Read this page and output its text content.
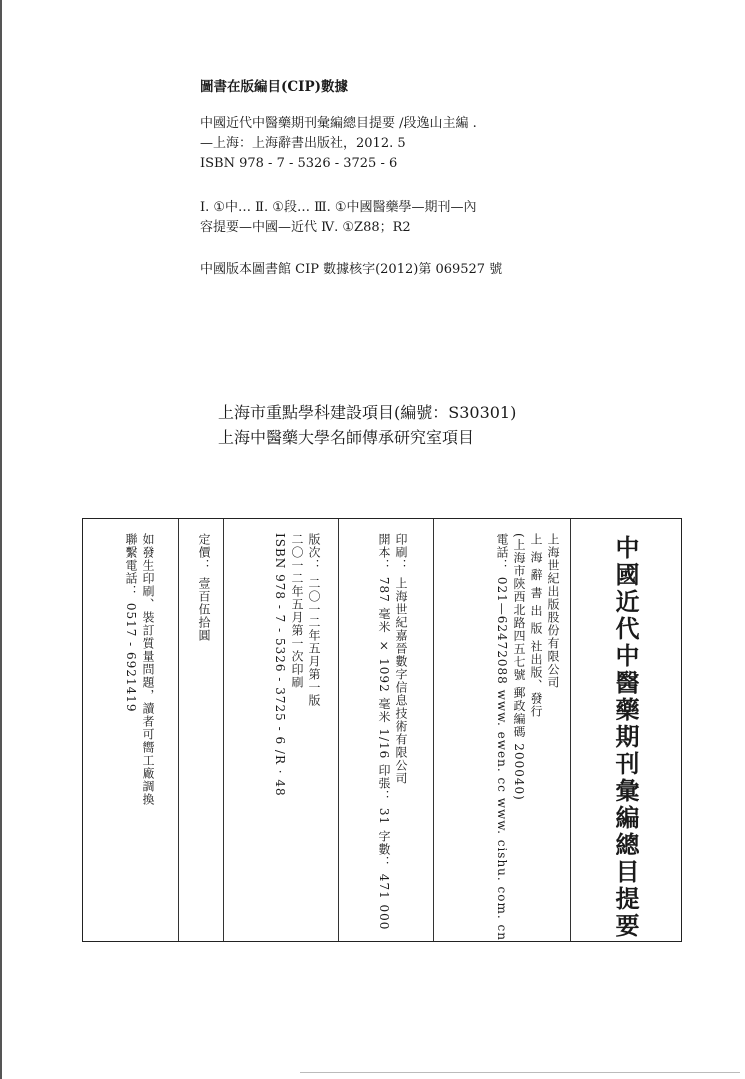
圖書在版編目(CIP)數據
中國近代中醫藥期刊彙編總目提要 /段逸山主編 .
—上海：上海辭書出版社，2012. 5
ISBN 978 - 7 - 5326 - 3725 - 6
Ⅰ. ①中… Ⅱ. ①段… Ⅲ. ①中國醫藥學—期刊—內
容提要—中國—近代 Ⅳ. ①Z88；R2
中國版本圖書館 CIP 數據核字(2012)第 069527 號
上海市重點學科建設項目(編號：S30301)
上海中醫藥大學名師傳承研究室項目
中國近代中醫藥期刊彙編總目提要
上海世紀出版股份有限公司
上 海 辭 書 出 版 社出版、發行
(上海市陝西北路四五七號 郵政編碼 200040)
電話： 021—62472088 www. ewen. cc www. cishu. com. cn
印刷： 上海世紀嘉晉數字信息技術有限公司
開本： 787 毫米 × 1092 毫米 1/16 印張： 31 字數： 471 000
版次： 二〇一二年五月第一版
二〇一二年五月第一次印刷
ISBN 978 - 7 - 5326 - 3725 - 6 /R · 48
定價： 壹百伍拾圓
如發生印刷、裝訂質量問題，讀者可嚮工廠調換
聯繫電話： 0517 - 6921419
